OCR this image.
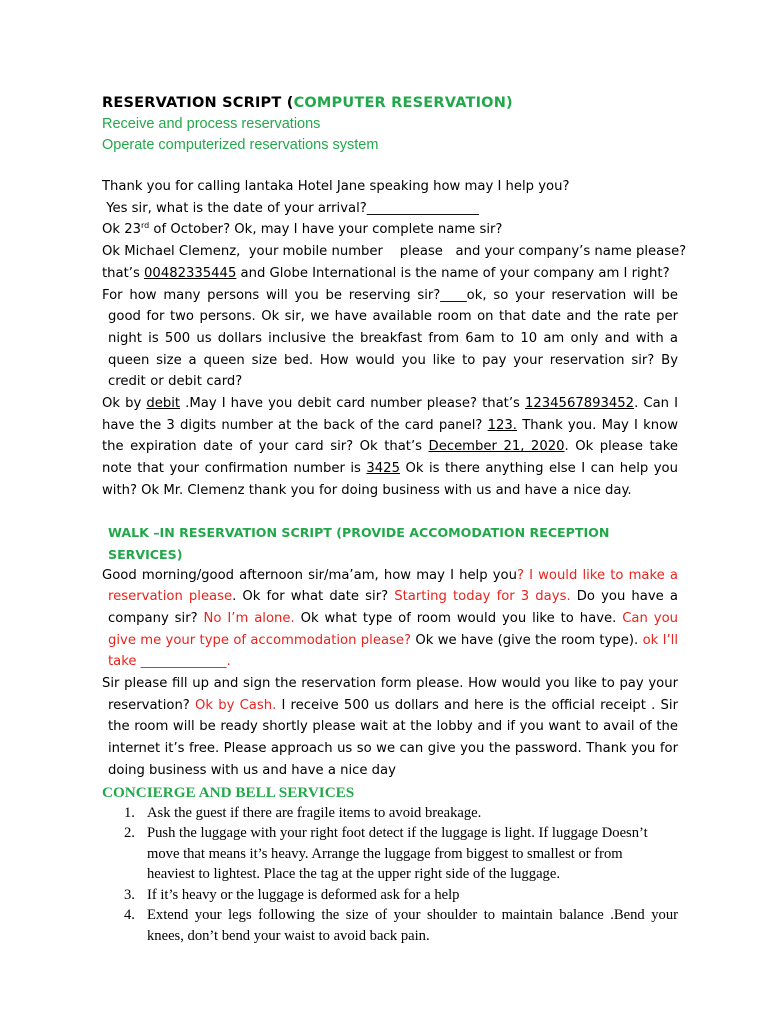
RESERVATION SCRIPT (COMPUTER RESERVATION)

Receive and process reservations

Operate computerized reservations system

Thank you for calling lantaka Hotel Jane speaking how may I help you?

Yes sir, what is the date of your arrival?_________________

Ok 23rd of October? Ok, may I have your complete name sir?

Ok Michael Clemenz,  your mobile number    please   and your company’s name please?

that’s 00482335445 and Globe International is the name of your company am I right?

For how many persons will you be reserving sir?____ok, so your reservation will be good for two persons. Ok sir, we have available room on that date and the rate per night is 500 us dollars inclusive the breakfast from 6am to 10 am only and with a queen size a queen size bed. How would you like to pay your reservation sir? By credit or debit card?

Ok by debit .May I have you debit card number please? that’s 1234567893452. Can I have the 3 digits number at the back of the card panel? 123. Thank you. May I know the expiration date of your card sir? Ok that’s December 21, 2020. Ok please take note that your confirmation number is 3425 Ok is there anything else I can help you with? Ok Mr. Clemenz thank you for doing business with us and have a nice day.

WALK –IN RESERVATION SCRIPT (PROVIDE ACCOMODATION RECEPTION SERVICES)

Good morning/good afternoon sir/ma’am, how may I help you? I would like to make a reservation please. Ok for what date sir? Starting today for 3 days. Do you have a company sir? No I’m alone. Ok what type of room would you like to have. Can you give me your type of accommodation please? Ok we have (give the room type). ok I’ll take _____________.

Sir please fill up and sign the reservation form please. How would you like to pay your reservation? Ok by Cash. I receive 500 us dollars and here is the official receipt . Sir the room will be ready shortly please wait at the lobby and if you want to avail of the internet it’s free. Please approach us so we can give you the password. Thank you for doing business with us and have a nice day

CONCIERGE AND BELL SERVICES

1. Ask the guest if there are fragile items to avoid breakage.
2. Push the luggage with your right foot detect if the luggage is light. If luggage Doesn’t move that means it’s heavy. Arrange the luggage from biggest to smallest or from heaviest to lightest. Place the tag at the upper right side of the luggage.
3. If it’s heavy or the luggage is deformed ask for a help
4. Extend your legs following the size of your shoulder to maintain balance .Bend your knees, don’t bend your waist to avoid back pain.
